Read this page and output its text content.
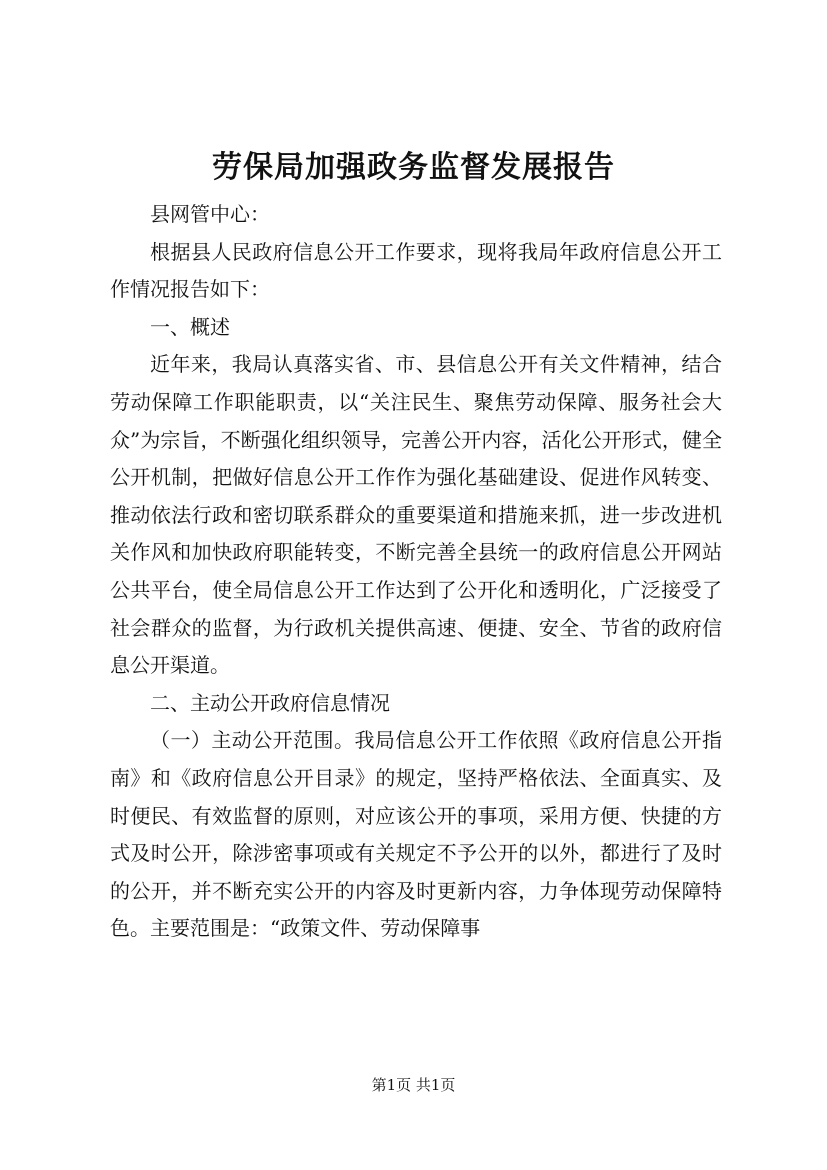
劳保局加强政务监督发展报告

县网管中心：

根据县人民政府信息公开工作要求，现将我局年政府信息公开工作情况报告如下：

一、概述

近年来，我局认真落实省、市、县信息公开有关文件精神，结合劳动保障工作职能职责，以“关注民生、聚焦劳动保障、服务社会大众”为宗旨，不断强化组织领导，完善公开内容，活化公开形式，健全公开机制，把做好信息公开工作作为强化基础建设、促进作风转变、推动依法行政和密切联系群众的重要渠道和措施来抓，进一步改进机关作风和加快政府职能转变，不断完善全县统一的政府信息公开网站公共平台，使全局信息公开工作达到了公开化和透明化，广泛接受了社会群众的监督，为行政机关提供高速、便捷、安全、节省的政府信息公开渠道。

二、主动公开政府信息情况

（一）主动公开范围。我局信息公开工作依照《政府信息公开指南》和《政府信息公开目录》的规定，坚持严格依法、全面真实、及时便民、有效监督的原则，对应该公开的事项，采用方便、快捷的方式及时公开，除涉密事项或有关规定不予公开的以外，都进行了及时的公开，并不断充实公开的内容及时更新内容，力争体现劳动保障特色。主要范围是：“政策文件、劳动保障事

第1页 共1页
